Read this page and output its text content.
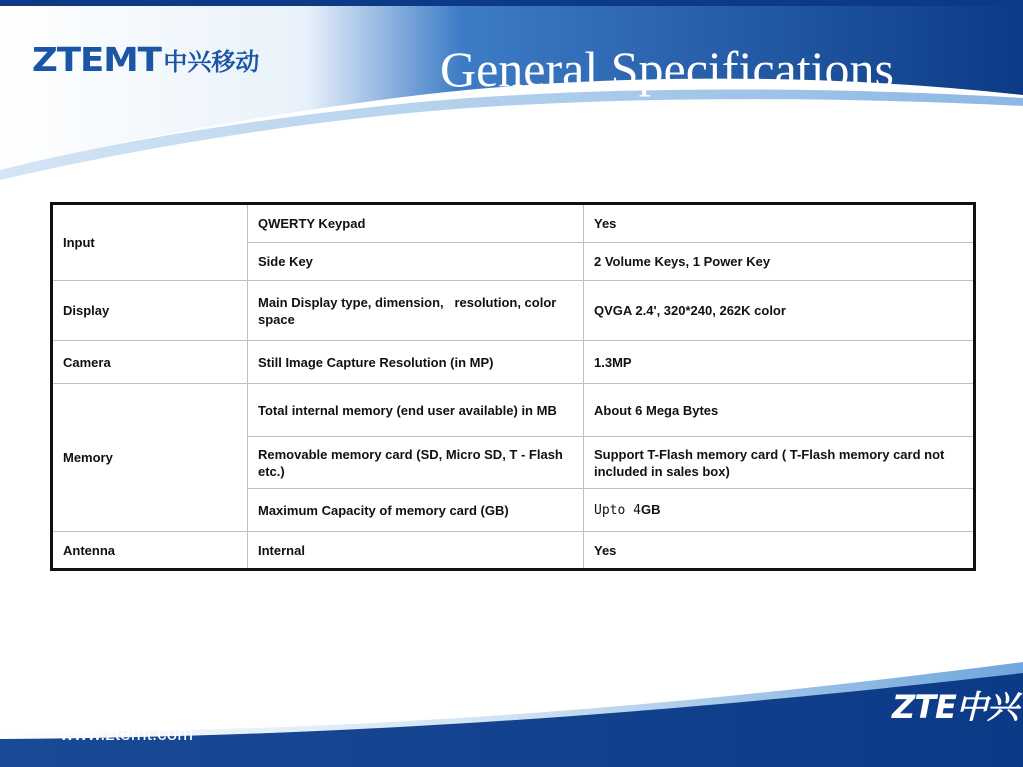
ZTEMT 中兴移动	General Specifications
Input	QWERTY Keypad	Yes
	Side Key	2 Volume Keys, 1 Power Key
Display	Main Display type, dimension,   resolution, color space	QVGA 2.4', 320*240, 262K color
Camera	Still Image Capture Resolution (in MP)	1.3MP
Memory	Total internal memory (end user available) in MB	About 6 Mega Bytes
	Removable memory card (SD, Micro SD, T - Flash etc.)	Support T-Flash memory card ( T-Flash memory card not included in sales box)
	Maximum Capacity of memory card (GB)	Upto 4GB
Antenna	Internal	Yes
www.ztemt.com
ZTE中兴
